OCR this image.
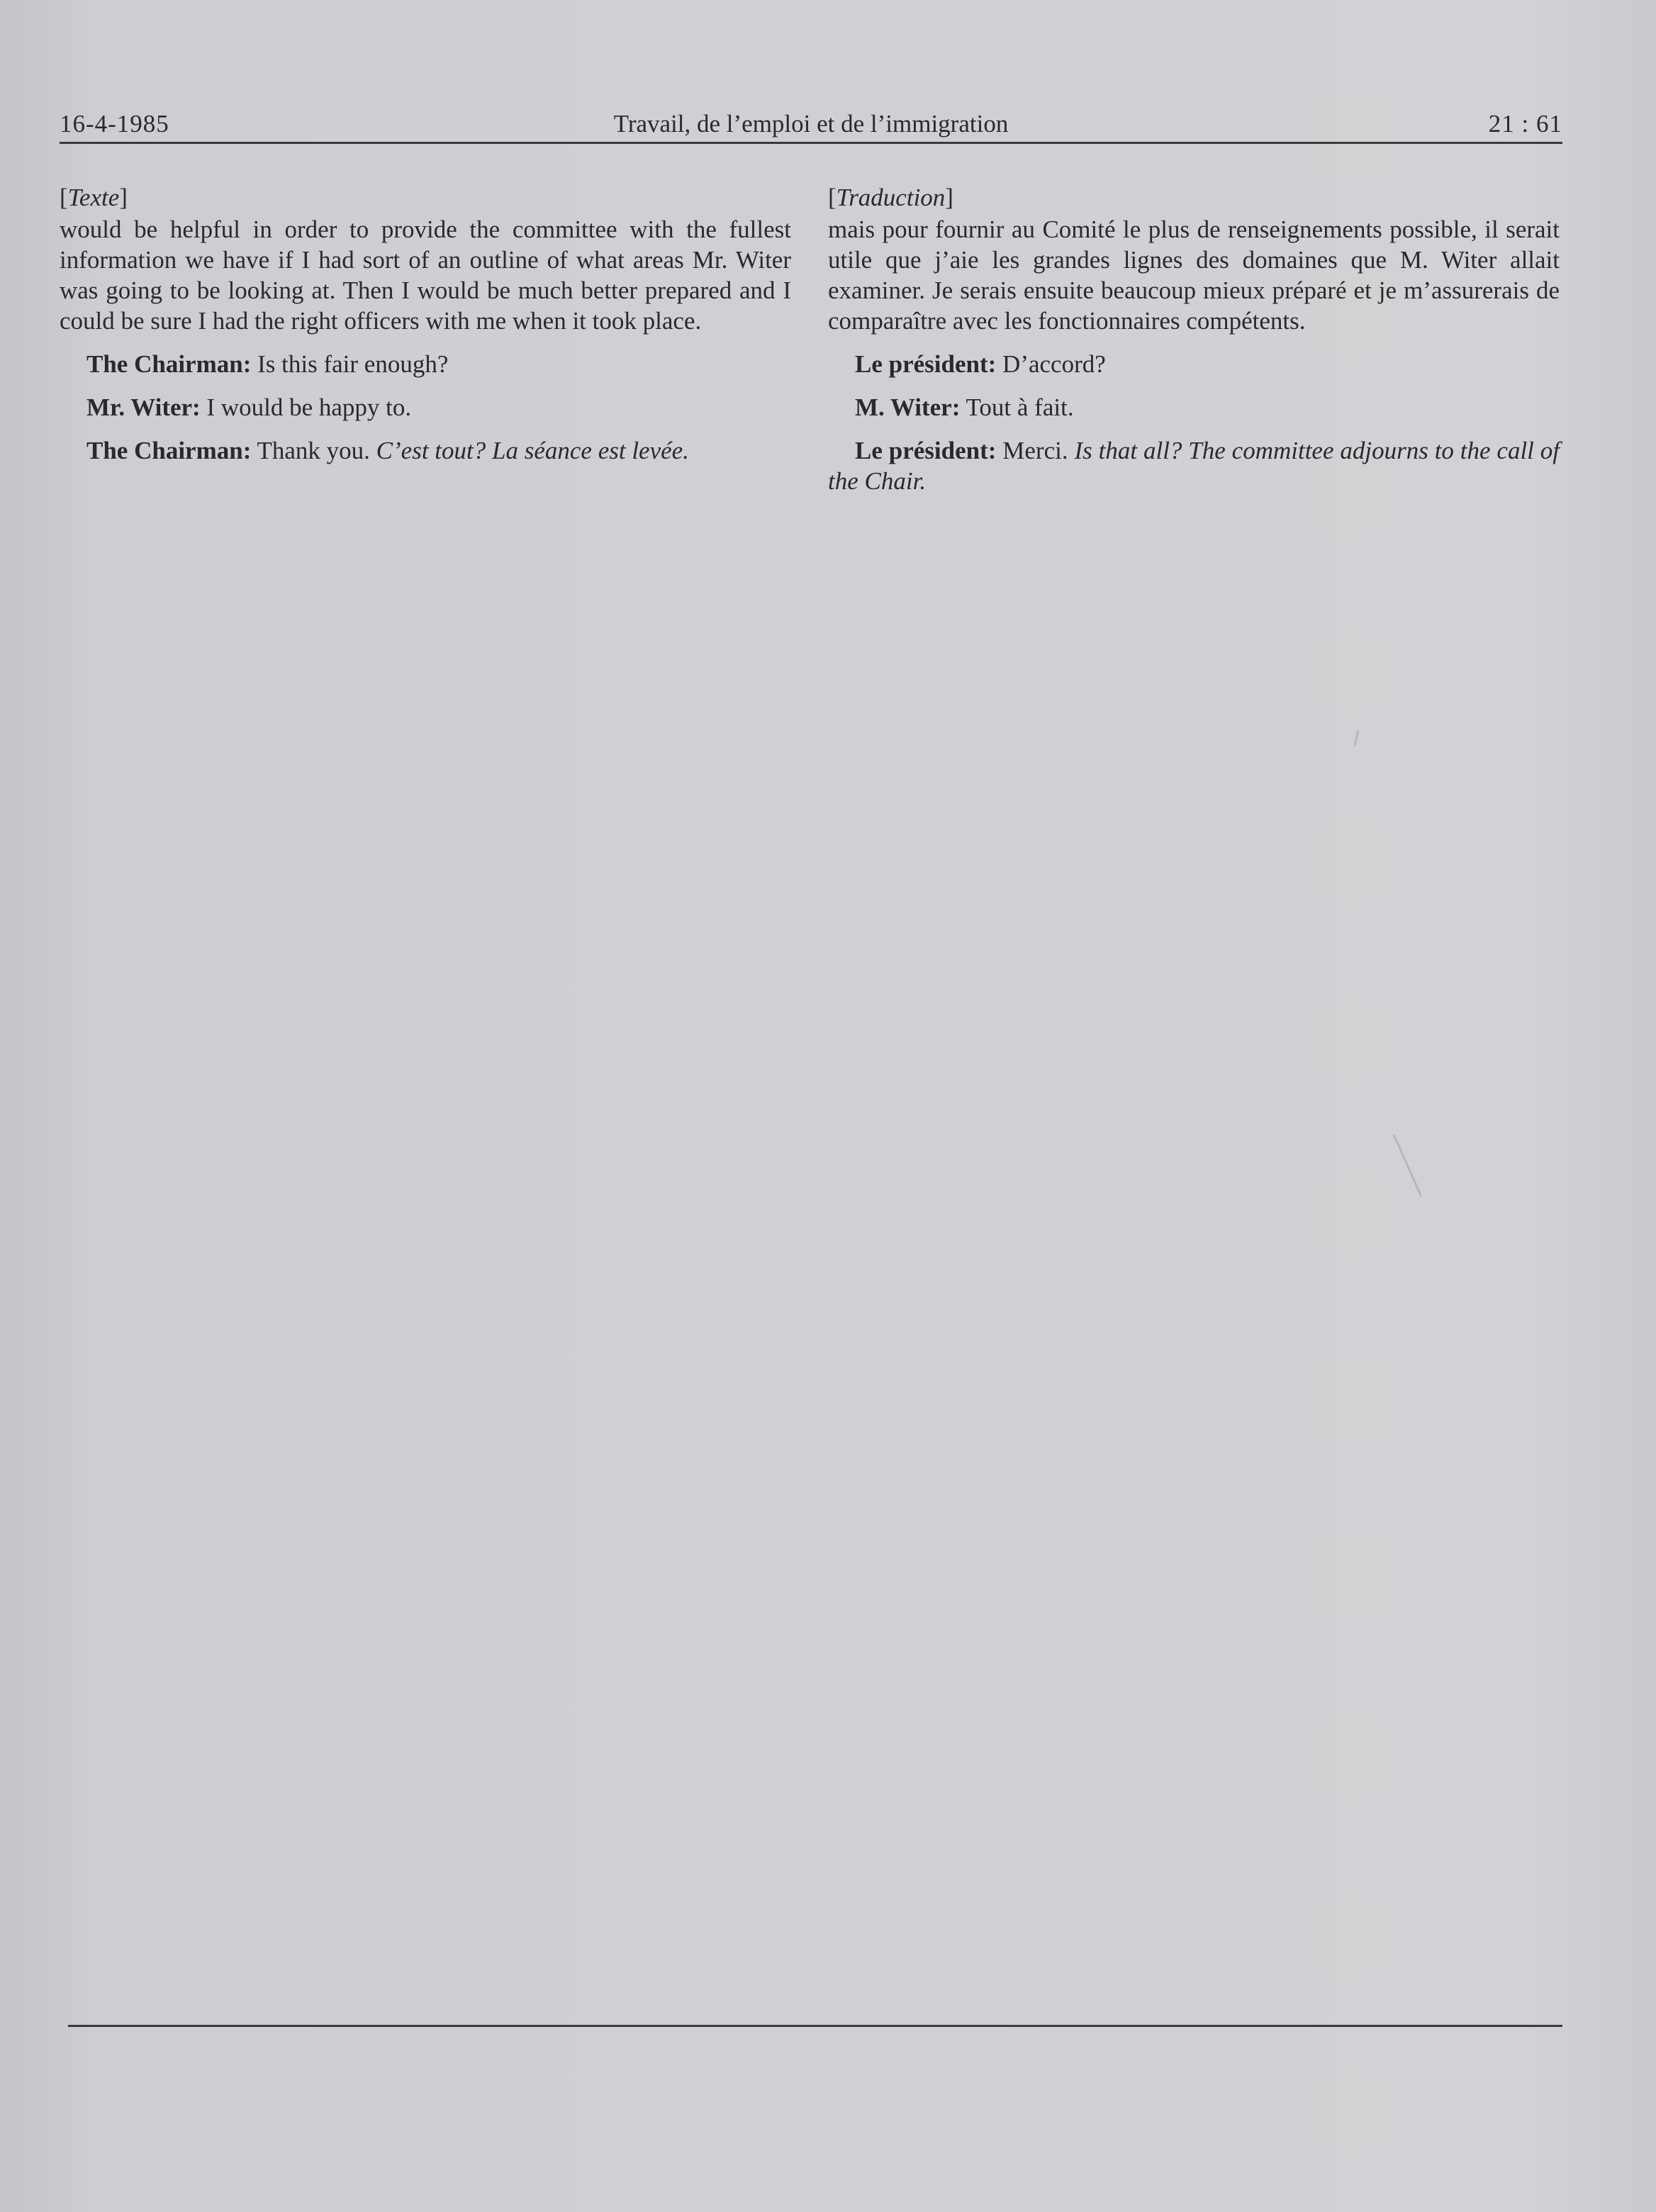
16-4-1985	Travail, de l’emploi et de l’immigration	21 : 61

[Texte]

would be helpful in order to provide the committee with the fullest information we have if I had sort of an outline of what areas Mr. Witer was going to be looking at. Then I would be much better prepared and I could be sure I had the right officers with me when it took place.

The Chairman: Is this fair enough?

Mr. Witer: I would be happy to.

The Chairman: Thank you. C’est tout? La séance est levée.

[Traduction]

mais pour fournir au Comité le plus de renseignements possible, il serait utile que j’aie les grandes lignes des domaines que M. Witer allait examiner. Je serais ensuite beaucoup mieux préparé et je m’assurerais de comparaître avec les fonctionnaires compétents.

Le président: D’accord?

M. Witer: Tout à fait.

Le président: Merci. Is that all? The committee adjourns to the call of the Chair.
